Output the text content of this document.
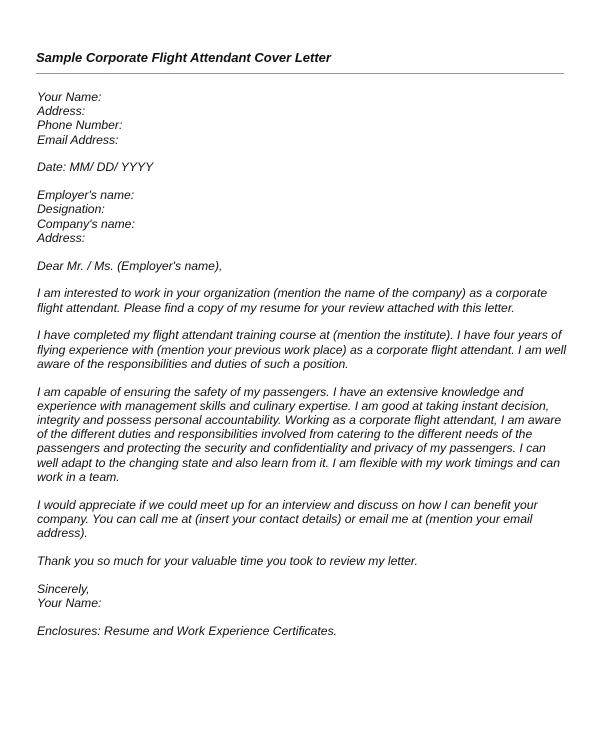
Sample Corporate Flight Attendant Cover Letter
Your Name:
Address:
Phone Number:
Email Address:
Date: MM/ DD/ YYYY
Employer's name:
Designation:
Company's name:
Address:
Dear Mr. / Ms. (Employer's name),
I am interested to work in your organization (mention the name of the company) as a corporate
flight attendant. Please find a copy of my resume for your review attached with this letter.
I have completed my flight attendant training course at (mention the institute). I have four years of
flying experience with (mention your previous work place) as a corporate flight attendant. I am well
aware of the responsibilities and duties of such a position.
I am capable of ensuring the safety of my passengers. I have an extensive knowledge and
experience with management skills and culinary expertise. I am good at taking instant decision,
integrity and possess personal accountability. Working as a corporate flight attendant, I am aware
of the different duties and responsibilities involved from catering to the different needs of the
passengers and protecting the security and confidentiality and privacy of my passengers. I can
well adapt to the changing state and also learn from it. I am flexible with my work timings and can
work in a team.
I would appreciate if we could meet up for an interview and discuss on how I can benefit your
company. You can call me at (insert your contact details) or email me at (mention your email
address).
Thank you so much for your valuable time you took to review my letter.
Sincerely,
Your Name:
Enclosures: Resume and Work Experience Certificates.
